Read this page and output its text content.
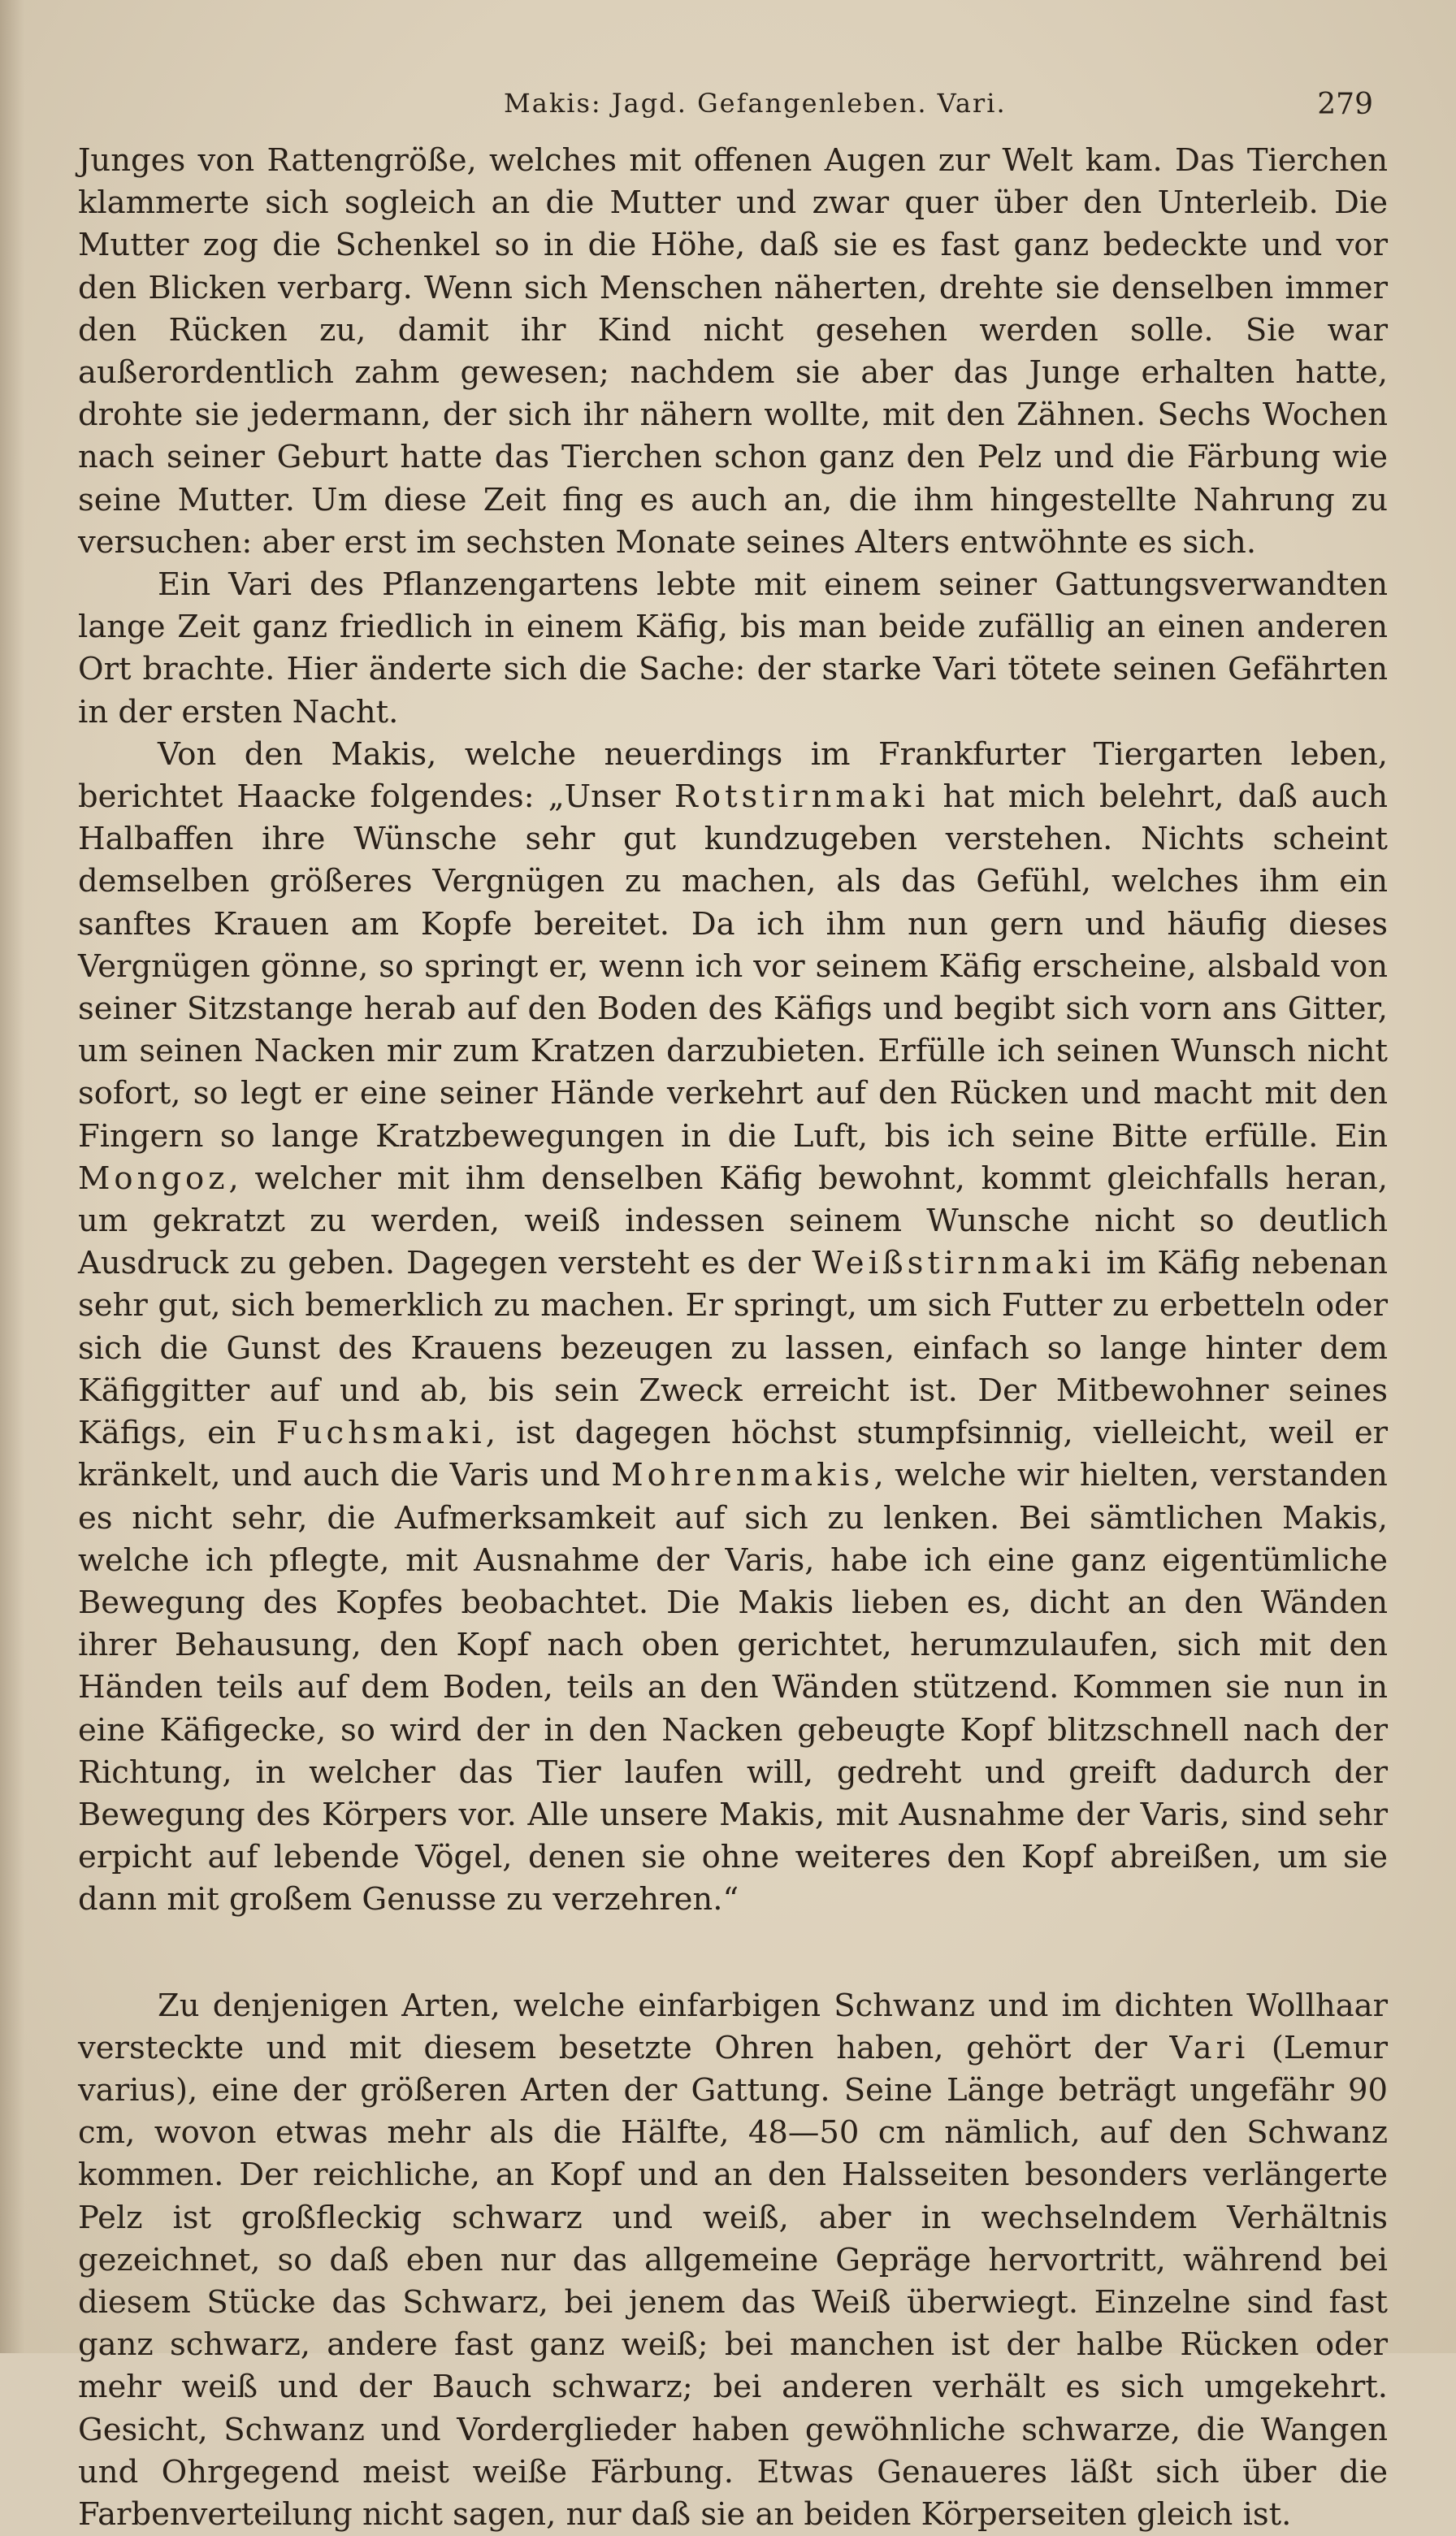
Makis: Jagd. Gefangenleben. Vari.	279

Junges von Rattengröße, welches mit offenen Augen zur Welt kam. Das Tierchen klammerte sich sogleich an die Mutter und zwar quer über den Unterleib. Die Mutter zog die Schenkel so in die Höhe, daß sie es fast ganz bedeckte und vor den Blicken verbarg. Wenn sich Menschen näherten, drehte sie denselben immer den Rücken zu, damit ihr Kind nicht gesehen werden solle. Sie war außerordentlich zahm gewesen; nachdem sie aber das Junge erhalten hatte, drohte sie jedermann, der sich ihr nähern wollte, mit den Zähnen. Sechs Wochen nach seiner Geburt hatte das Tierchen schon ganz den Pelz und die Färbung wie seine Mutter. Um diese Zeit fing es auch an, die ihm hingestellte Nahrung zu versuchen: aber erst im sechsten Monate seines Alters entwöhnte es sich.

Ein Vari des Pflanzengartens lebte mit einem seiner Gattungsverwandten lange Zeit ganz friedlich in einem Käfig, bis man beide zufällig an einen anderen Ort brachte. Hier änderte sich die Sache: der starke Vari tötete seinen Gefährten in der ersten Nacht.

Von den Makis, welche neuerdings im Frankfurter Tiergarten leben, berichtet Haacke folgendes: „Unser Rotstirnmaki hat mich belehrt, daß auch Halbaffen ihre Wünsche sehr gut kundzugeben verstehen. Nichts scheint demselben größeres Vergnügen zu machen, als das Gefühl, welches ihm ein sanftes Krauen am Kopfe bereitet. Da ich ihm nun gern und häufig dieses Vergnügen gönne, so springt er, wenn ich vor seinem Käfig erscheine, alsbald von seiner Sitzstange herab auf den Boden des Käfigs und begibt sich vorn ans Gitter, um seinen Nacken mir zum Kratzen darzubieten. Erfülle ich seinen Wunsch nicht sofort, so legt er eine seiner Hände verkehrt auf den Rücken und macht mit den Fingern so lange Kratzbewegungen in die Luft, bis ich seine Bitte erfülle. Ein Mongoz, welcher mit ihm denselben Käfig bewohnt, kommt gleichfalls heran, um gekratzt zu werden, weiß indessen seinem Wunsche nicht so deutlich Ausdruck zu geben. Dagegen versteht es der Weißstirnmaki im Käfig nebenan sehr gut, sich bemerklich zu machen. Er springt, um sich Futter zu erbetteln oder sich die Gunst des Krauens bezeugen zu lassen, einfach so lange hinter dem Käfiggitter auf und ab, bis sein Zweck erreicht ist. Der Mitbewohner seines Käfigs, ein Fuchsmaki, ist dagegen höchst stumpfsinnig, vielleicht, weil er kränkelt, und auch die Varis und Mohrenmakis, welche wir hielten, verstanden es nicht sehr, die Aufmerksamkeit auf sich zu lenken. Bei sämtlichen Makis, welche ich pflegte, mit Ausnahme der Varis, habe ich eine ganz eigentümliche Bewegung des Kopfes beobachtet. Die Makis lieben es, dicht an den Wänden ihrer Behausung, den Kopf nach oben gerichtet, herumzulaufen, sich mit den Händen teils auf dem Boden, teils an den Wänden stützend. Kommen sie nun in eine Käfigecke, so wird der in den Nacken gebeugte Kopf blitzschnell nach der Richtung, in welcher das Tier laufen will, gedreht und greift dadurch der Bewegung des Körpers vor. Alle unsere Makis, mit Ausnahme der Varis, sind sehr erpicht auf lebende Vögel, denen sie ohne weiteres den Kopf abreißen, um sie dann mit großem Genusse zu verzehren.“

Zu denjenigen Arten, welche einfarbigen Schwanz und im dichten Wollhaar versteckte und mit diesem besetzte Ohren haben, gehört der Vari (Lemur varius), eine der größeren Arten der Gattung. Seine Länge beträgt ungefähr 90 cm, wovon etwas mehr als die Hälfte, 48—50 cm nämlich, auf den Schwanz kommen. Der reichliche, an Kopf und an den Halsseiten besonders verlängerte Pelz ist großfleckig schwarz und weiß, aber in wechselndem Verhältnis gezeichnet, so daß eben nur das allgemeine Gepräge hervortritt, während bei diesem Stücke das Schwarz, bei jenem das Weiß überwiegt. Einzelne sind fast ganz schwarz, andere fast ganz weiß; bei manchen ist der halbe Rücken oder mehr weiß und der Bauch schwarz; bei anderen verhält es sich umgekehrt. Gesicht, Schwanz und Vorderglieder haben gewöhnliche schwarze, die Wangen und Ohrgegend meist weiße Färbung. Etwas Genaueres läßt sich über die Farbenverteilung nicht sagen, nur daß sie an beiden Körperseiten gleich ist.
